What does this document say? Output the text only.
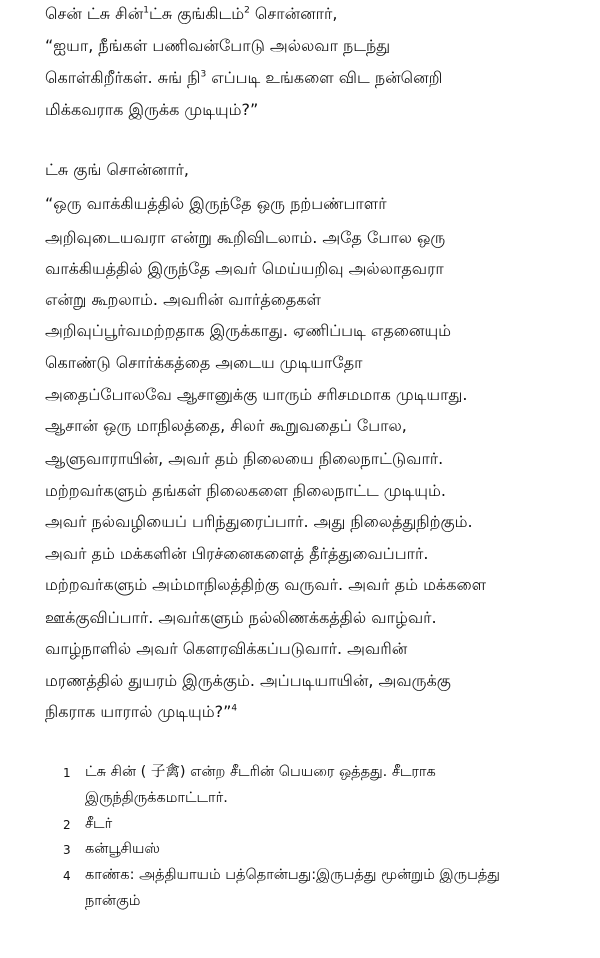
சென் ட்சு சின்$^1$ட்சு குங்கிடம்$^2$ சொன்னார்,
“ஐயா, நீங்கள் பணிவன்போடு அல்லவா நடந்து
கொள்கிறீர்கள். சுங் நி$^3$ எப்படி உங்களை விட நன்னெறி
மிக்கவராக இருக்க முடியும்?”
ட்சு குங் சொன்னார்,
“ஒரு வாக்கியத்தில் இருந்தே ஒரு நற்பண்பாளர்
அறிவுடையவரா என்று கூறிவிடலாம். அதே போல ஒரு
வாக்கியத்தில் இருந்தே அவர் மெய்யறிவு அல்லாதவரா
என்று கூறலாம். அவரின் வார்த்தைகள்
அறிவுப்பூர்வமற்றதாக இருக்காது. ஏணிப்படி எதனையும்
கொண்டு சொர்க்கத்தை அடைய முடியாதோ
அதைப்போலவே ஆசானுக்கு யாரும் சரிசமமாக முடியாது.
ஆசான் ஒரு மாநிலத்தை, சிலர் கூறுவதைப் போல,
ஆளுவாராயின், அவர் தம் நிலையை நிலைநாட்டுவார்.
மற்றவர்களும் தங்கள் நிலைகளை நிலைநாட்ட முடியும்.
அவர் நல்வழியைப் பரிந்துரைப்பார். அது நிலைத்துநிற்கும்.
அவர் தம் மக்களின் பிரச்னைகளைத் தீர்த்துவைப்பார்.
மற்றவர்களும் அம்மாநிலத்திற்கு வருவர். அவர் தம் மக்களை
ஊக்குவிப்பார். அவர்களும் நல்லிணக்கத்தில் வாழ்வர்.
வாழ்நாளில் அவர் கௌரவிக்கப்படுவார். அவரின்
மரணத்தில் துயரம் இருக்கும். அப்படியாயின், அவருக்கு
நிகராக யாரால் முடியும்?”$^4$
1 ட்சு சின் ( 子禽) என்ற சீடரின் பெயரை ஒத்தது. சீடராக
இருந்திருக்கமாட்டார்.
2 சீடர்
3 கன்பூசியஸ்
4 காண்க: அத்தியாயம் பத்தொன்பது:இருபத்து மூன்றும் இருபத்து
நான்கும்
